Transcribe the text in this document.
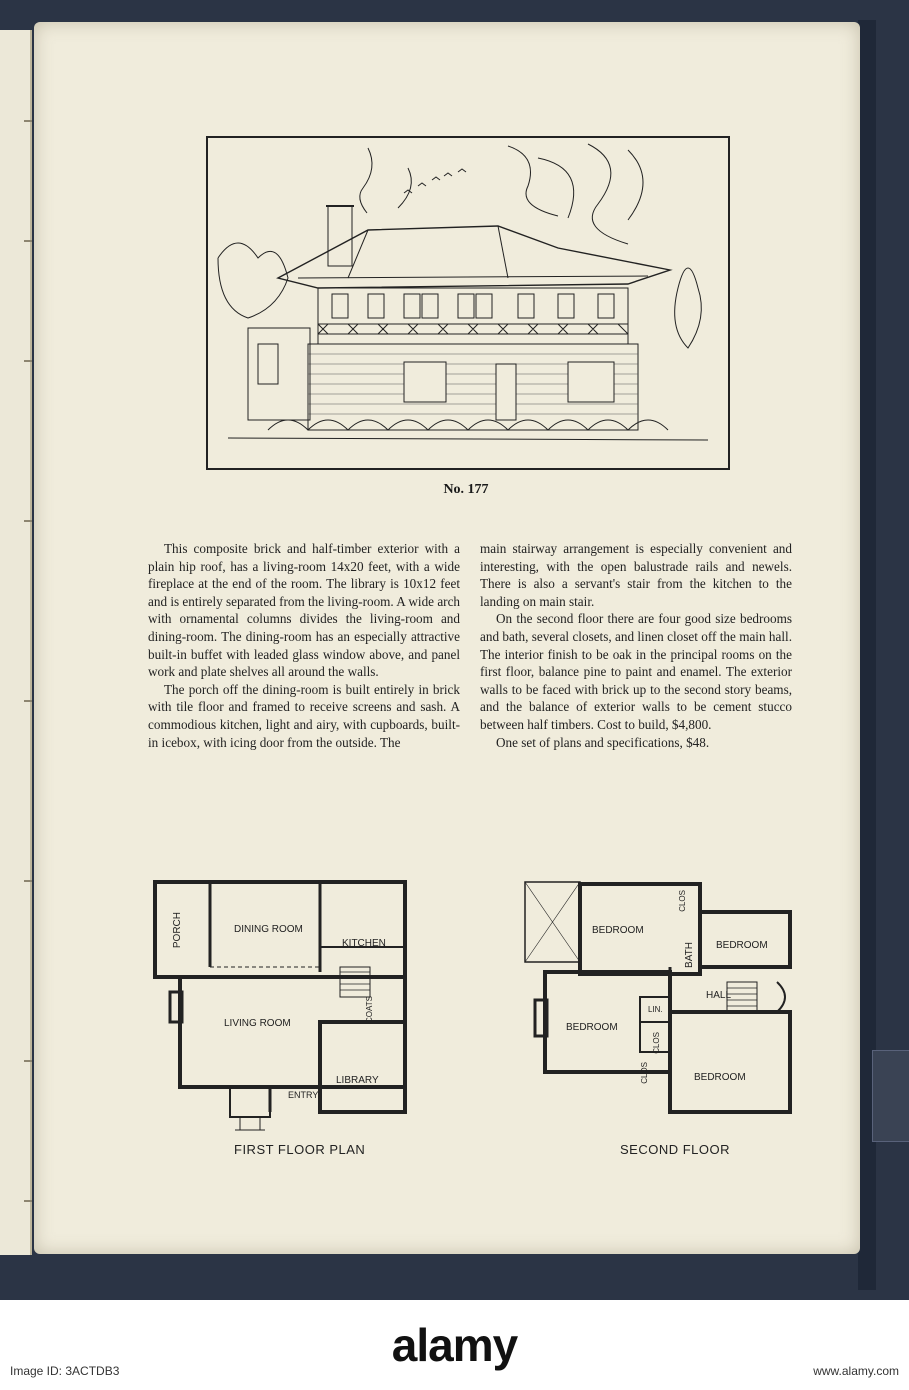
No. 177

This composite brick and half-timber exterior with a plain hip roof, has a living-room 14x20 feet, with a wide fireplace at the end of the room. The library is 10x12 feet and is entirely separated from the living-room. A wide arch with ornamental columns divides the living-room and dining-room. The dining-room has an especially attractive built-in buffet with leaded glass window above, and panel work and plate shelves all around the walls.

The porch off the dining-room is built entirely in brick with tile floor and framed to receive screens and sash. A commodious kitchen, light and airy, with cupboards, built-in icebox, with icing door from the outside. The

main stairway arrangement is especially convenient and interesting, with the open balustrade rails and newels. There is also a servant's stair from the kitchen to the landing on main stair.

On the second floor there are four good size bedrooms and bath, several closets, and linen closet off the main hall. The interior finish to be oak in the principal rooms on the first floor, balance pine to paint and enamel. The exterior walls to be faced with brick up to the second story beams, and the balance of exterior walls to be cement stucco between half timbers. Cost to build, $4,800.

One set of plans and specifications, $48.

PORCH	DINING ROOM
KITCHEN
LIVING ROOM
COATS
LIBRARY
ENTRY
FIRST FLOOR PLAN
BEDROOM
CLOS
BATH BEDROOM
HALL
BEDROOM
LIN.
CLOS
CLOS	BEDROOM
SECOND FLOOR
alamy
Image ID: 3ACTDB3	www.alamy.com
